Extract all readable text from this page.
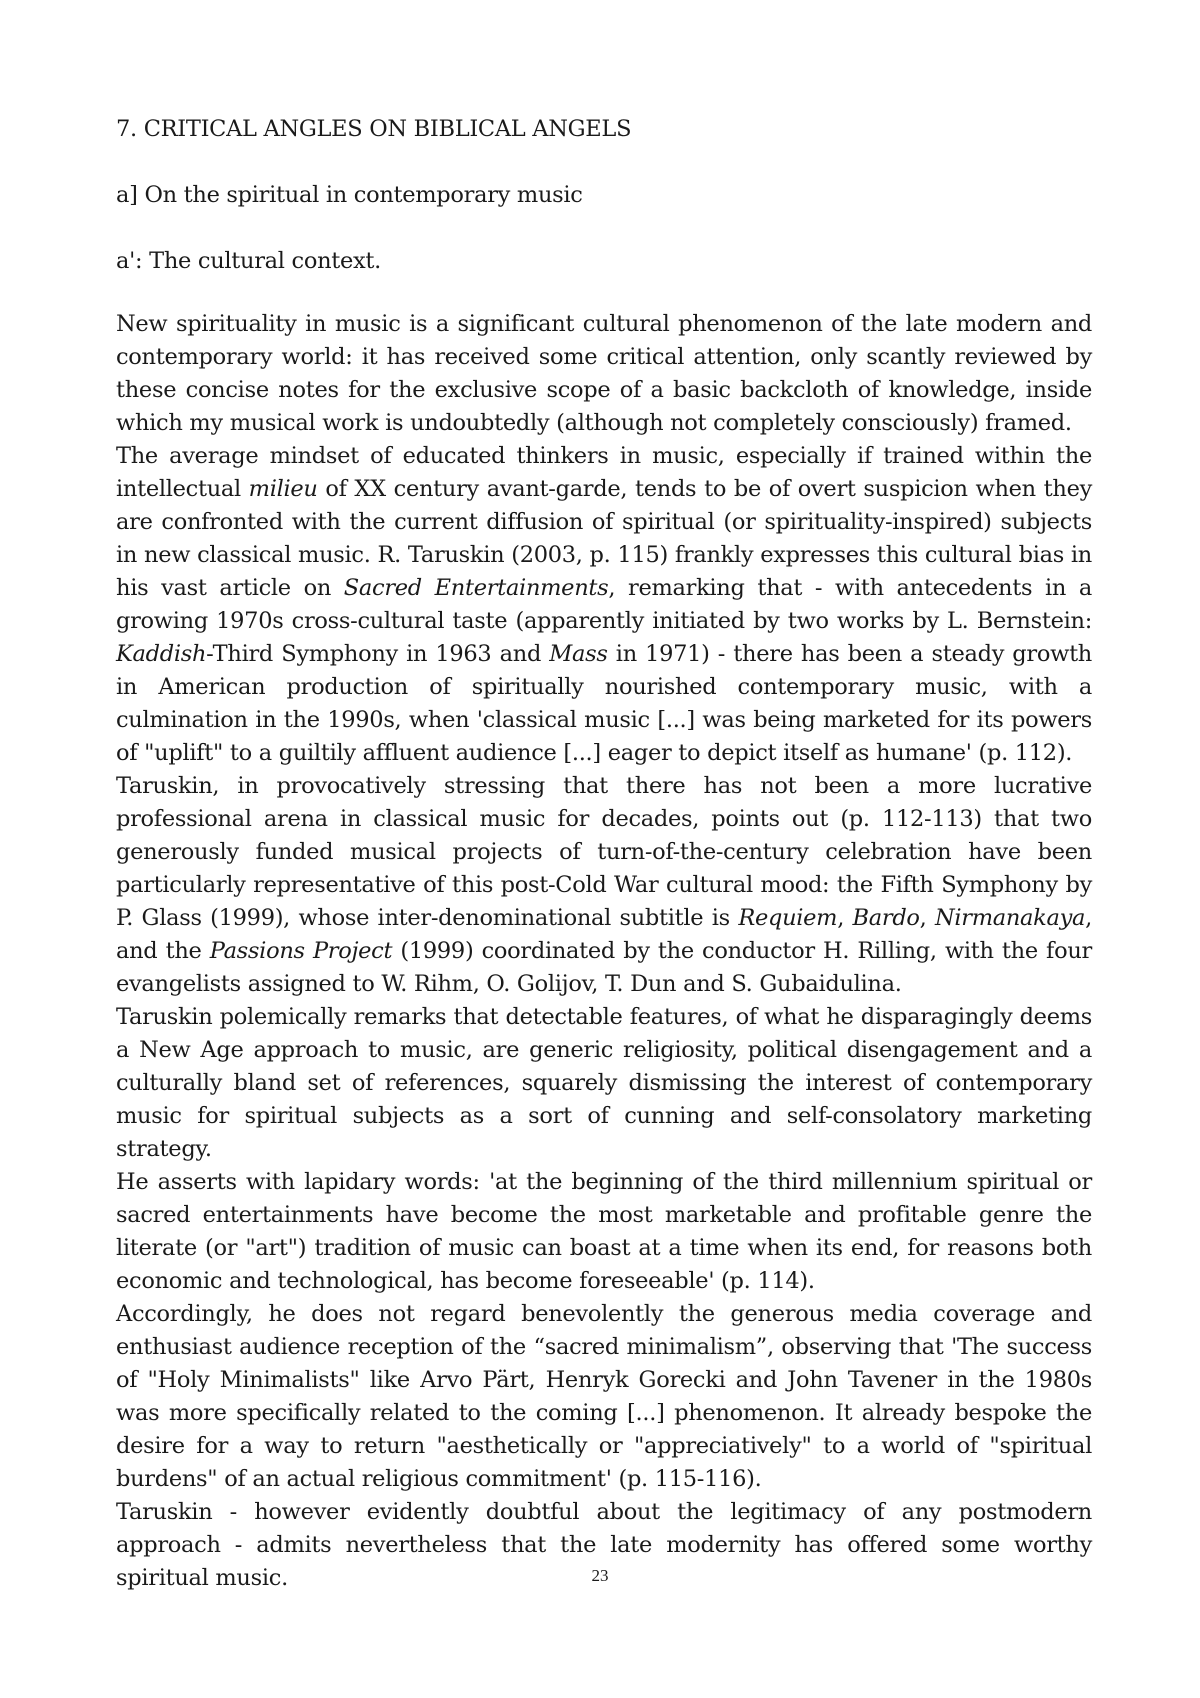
7. CRITICAL ANGLES ON BIBLICAL ANGELS
a] On the spiritual in contemporary music
a': The cultural context.
New spirituality in music is a significant cultural phenomenon of the late modern and contemporary world: it has received some critical attention, only scantly reviewed by these concise notes for the exclusive scope of a basic backcloth of knowledge, inside which my musical work is undoubtedly (although not completely consciously) framed.
The average mindset of educated thinkers in music, especially if trained within the intellectual milieu of XX century avant-garde, tends to be of overt suspicion when they are confronted with the current diffusion of spiritual (or spirituality-inspired) subjects in new classical music. R. Taruskin (2003, p. 115) frankly expresses this cultural bias in his vast article on Sacred Entertainments, remarking that - with antecedents in a growing 1970s cross-cultural taste (apparently initiated by two works by L. Bernstein: Kaddish-Third Symphony in 1963 and Mass in 1971) - there has been a steady growth in American production of spiritually nourished contemporary music, with a culmination in the 1990s, when 'classical music [...] was being marketed for its powers of "uplift" to a guiltily affluent audience [...] eager to depict itself as humane' (p. 112).
Taruskin, in provocatively stressing that there has not been a more lucrative professional arena in classical music for decades, points out (p. 112-113) that two generously funded musical projects of turn-of-the-century celebration have been particularly representative of this post-Cold War cultural mood: the Fifth Symphony by P. Glass (1999), whose inter-denominational subtitle is Requiem, Bardo, Nirmanakaya, and the Passions Project (1999) coordinated by the conductor H. Rilling, with the four evangelists assigned to W. Rihm, O. Golijov, T. Dun and S. Gubaidulina.
Taruskin polemically remarks that detectable features, of what he disparagingly deems a New Age approach to music, are generic religiosity, political disengagement and a culturally bland set of references, squarely dismissing the interest of contemporary music for spiritual subjects as a sort of cunning and self-consolatory marketing strategy.
He asserts with lapidary words: 'at the beginning of the third millennium spiritual or sacred entertainments have become the most marketable and profitable genre the literate (or "art") tradition of music can boast at a time when its end, for reasons both economic and technological, has become foreseeable' (p. 114).
Accordingly, he does not regard benevolently the generous media coverage and enthusiast audience reception of the “sacred minimalism”, observing that 'The success of "Holy Minimalists" like Arvo Pärt, Henryk Gorecki and John Tavener in the 1980s was more specifically related to the coming [...] phenomenon. It already bespoke the desire for a way to return "aesthetically or "appreciatively" to a world of "spiritual burdens" of an actual religious commitment' (p. 115-116).
Taruskin - however evidently doubtful about the legitimacy of any postmodern approach - admits nevertheless that the late modernity has offered some worthy spiritual music.	23
